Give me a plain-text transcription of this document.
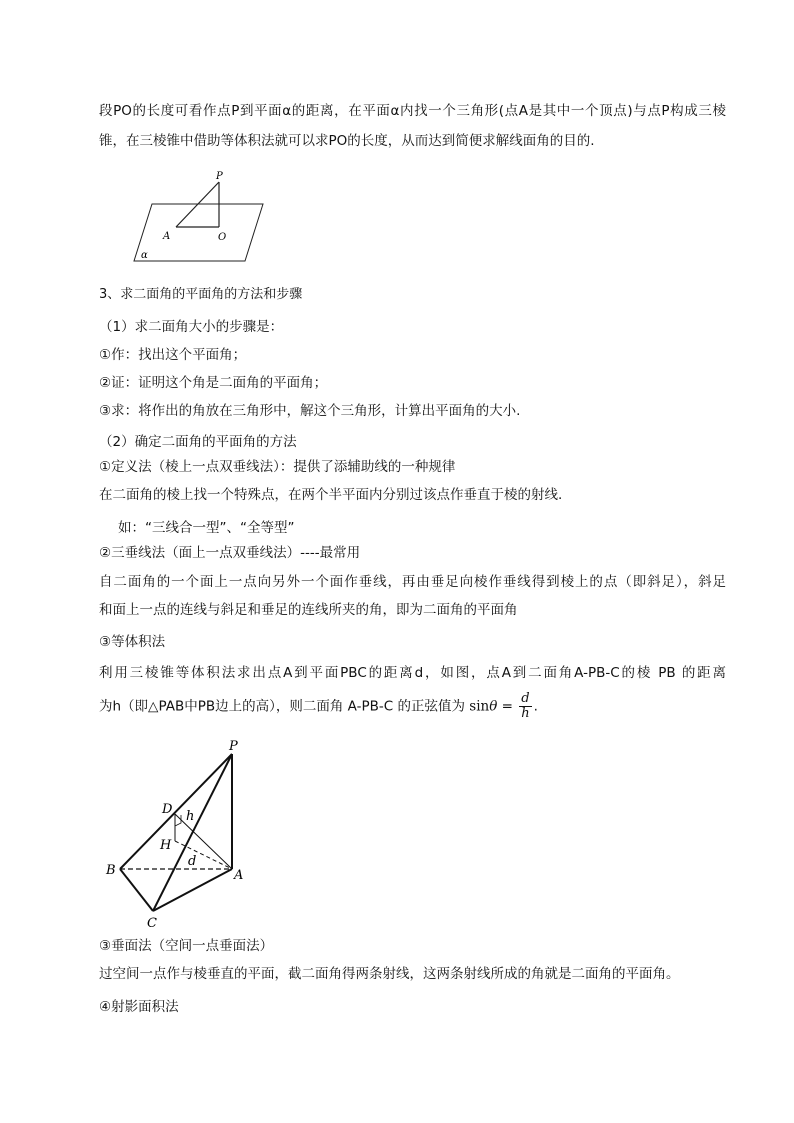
段PO的长度可看作点P到平面α的距离，在平面α内找一个三角形(点A是其中一个顶点)与点P构成三棱
锥，在三棱锥中借助等体积法就可以求PO的长度，从而达到简便求解线面角的目的.
P
A	O
α
3、求二面角的平面角的方法和步骤
（1）求二面角大小的步骤是：
①作：找出这个平面角；
②证：证明这个角是二面角的平面角；
③求：将作出的角放在三角形中，解这个三角形，计算出平面角的大小.
（2）确定二面角的平面角的方法
①定义法（棱上一点双垂线法）：提供了添辅助线的一种规律
在二面角的棱上找一个特殊点，在两个半平面内分别过该点作垂直于棱的射线.
如：“三线合一型”、“全等型”
②三垂线法（面上一点双垂线法）----最常用
自二面角的一个面上一点向另外一个面作垂线，再由垂足向棱作垂线得到棱上的点（即斜足），斜足
和面上一点的连线与斜足和垂足的连线所夹的角，即为二面角的平面角
③等体积法
利用三棱锥等体积法求出点A到平面PBC的距离d，如图，点A到二面角A-PB-C的棱 PB 的距离
为h（即△PAB中PB边上的高），则二面角 A-PB-C 的正弦值为 $\sin\theta = \frac{d}{h}$ .
P
D h
H
d
B	A
C
③垂面法（空间一点垂面法）
过空间一点作与棱垂直的平面，截二面角得两条射线，这两条射线所成的角就是二面角的平面角。
④射影面积法
